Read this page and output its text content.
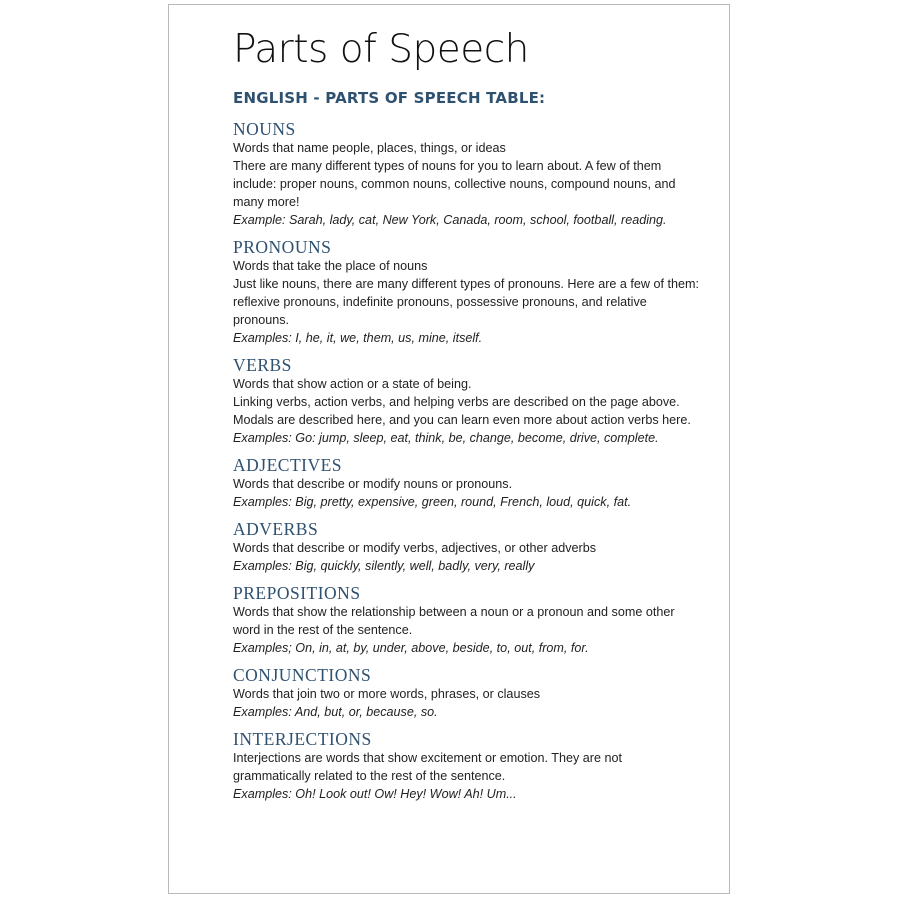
Parts of Speech
ENGLISH - PARTS OF SPEECH TABLE:
NOUNS
Words that name people, places, things, or ideas
There are many different types of nouns for you to learn about. A few of them include: proper nouns, common nouns, collective nouns, compound nouns, and many more!
Example: Sarah, lady, cat, New York, Canada, room, school, football, reading.
PRONOUNS
Words that take the place of nouns
Just like nouns, there are many different types of pronouns. Here are a few of them: reflexive pronouns, indefinite pronouns, possessive pronouns, and relative pronouns.
Examples: I, he, it, we, them, us, mine, itself.
VERBS
Words that show action or a state of being.
Linking verbs, action verbs, and helping verbs are described on the page above. Modals are described here, and you can learn even more about action verbs here.
Examples: Go: jump, sleep, eat, think, be, change, become, drive, complete.
ADJECTIVES
Words that describe or modify nouns or pronouns.
Examples: Big, pretty, expensive, green, round, French, loud, quick, fat.
ADVERBS
Words that describe or modify verbs, adjectives, or other adverbs
Examples: Big, quickly, silently, well, badly, very, really
PREPOSITIONS
Words that show the relationship between a noun or a pronoun and some other word in the rest of the sentence.
Examples; On, in, at, by, under, above, beside, to, out, from, for.
CONJUNCTIONS
Words that join two or more words, phrases, or clauses
Examples: And, but, or, because, so.
INTERJECTIONS
Interjections are words that show excitement or emotion. They are not grammatically related to the rest of the sentence.
Examples: Oh! Look out! Ow! Hey! Wow! Ah! Um...
